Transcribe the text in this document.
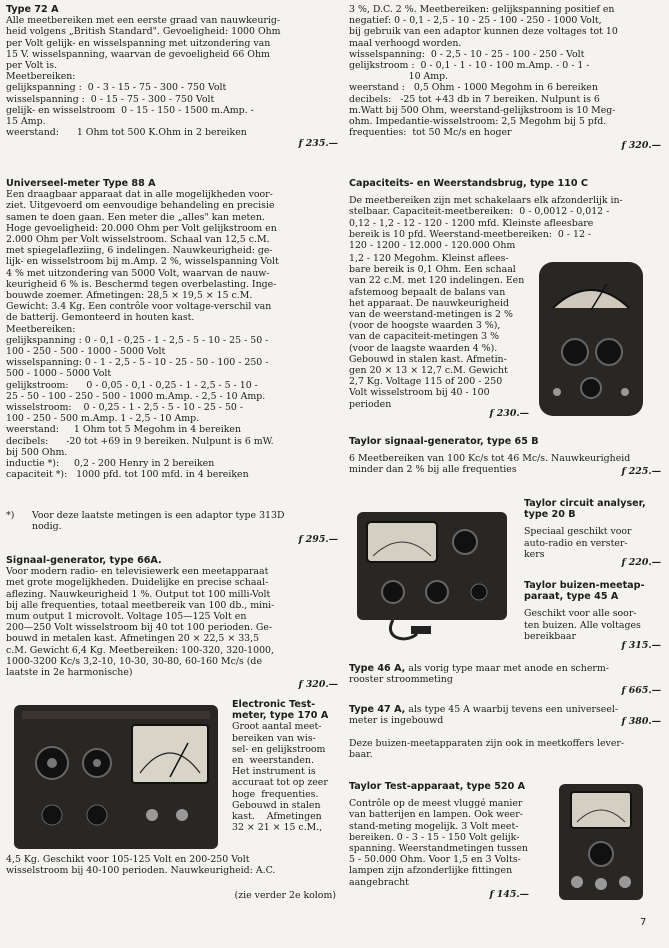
Type 72 A

Alle meetbereiken met een eerste graad van nauwkeurig-
heid volgens „British Standard". Gevoeligheid: 1000 Ohm
per Volt gelijk- en wisselspanning met uitzondering van
15 V. wisselspanning, waarvan de gevoeligheid 66 Ohm
per Volt is.
Meetbereiken:
gelijkspanning :  0 - 3 - 15 - 75 - 300 - 750 Volt
wisselspanning :  0 - 15 - 75 - 300 - 750 Volt
gelijk- en wisselstroom  0 - 15 - 150 - 1500 m.Amp. -
15 Amp.
weerstand:      1 Ohm tot 500 K.Ohm in 2 bereiken

f 235.—
Universeel-meter Type 88 A

Een draagbaar apparaat dat in alle mogelijkheden voor-
ziet. Uitgevoerd om eenvoudige behandeling en precisie
samen te doen gaan. Een meter die „alles" kan meten.
Hoge gevoeligheid: 20.000 Ohm per Volt gelijkstroom en
2.000 Ohm per Volt wisselstroom. Schaal van 12,5 c.M.
met spiegelafleziing, 6 indelingen. Nauwkeurigheid: ge-
lijk- en wisselstroom bij m.Amp. 2 %, wisselspanning Volt
4 % met uitzondering van 5000 Volt, waarvan de nauw-
keurigheid 6 % is. Beschermd tegen overbelasting. Inge-
bouwde zoemer. Afmetingen: 28,5 × 19,5 × 15 c.M.
Gewicht: 3.4 Kg. Een contrôle voor voltage-verschil van
de batterij. Gemonteerd in houten kast.
Meetbereiken:
gelijkspanning : 0 - 0,1 - 0,25 - 1 - 2,5 - 5 - 10 - 25 - 50 -
100 - 250 - 500 - 1000 - 5000 Volt
wisselspanning: 0 - 1 - 2,5 - 5 - 10 - 25 - 50 - 100 - 250 -
500 - 1000 - 5000 Volt
gelijkstroom:      0 - 0,05 - 0,1 - 0,25 - 1 - 2,5 - 5 - 10 -
25 - 50 - 100 - 250 - 500 - 1000 m.Amp. - 2,5 - 10 Amp.
wisselstroom:    0 - 0,25 - 1 - 2,5 - 5 - 10 - 25 - 50 -
100 - 250 - 500 m.Amp. 1 - 2,5 - 10 Amp.
weerstand:     1 Ohm tot 5 Megohm in 4 bereiken
decibels:      -20 tot +69 in 9 bereiken. Nulpunt is 6 mW.
bij 500 Ohm.
inductie *):     0,2 - 200 Henry in 2 bereiken
capaciteit *):   1000 pfd. tot 100 mfd. in 4 bereiken

*)	Voor deze laatste metingen is een adaptor type 313D
nodig.

f 295.—
Signaal-generator, type 66A.

Voor modern radio- en televisiewerk een meetapparaat
met grote mogelijkheden. Duidelijke en precise schaal-
aflezing. Nauwkeurigheid 1 %. Output tot 100 milli-Volt
bij alle frequenties, totaal meetbereik van 100 db., mini-
mum output 1 microvolt. Voltage 105—125 Volt en
200—250 Volt wisselstroom bij 40 tot 100 perioden. Ge-
bouwd in metalen kast. Afmetingen 20 × 22,5 × 33,5
c.M. Gewicht 6,4 Kg. Meetbereiken: 100-320, 320-1000,
1000-3200 Kc/s 3,2-10, 10-30, 30-80, 60-160 Mc/s (de
laatste in 2e harmonische)

f 320.—
Electronic Test-
meter, type 170 A

Groot aantal meet-
bereiken van wis-
sel- en gelijkstroom
en  weerstanden.
Het instrument is
accuraat tot op zeer
hoge  frequenties.
Gebouwd in stalen
kast.    Afmetingen
32 × 21 × 15 c.M.,

4,5 Kg. Geschikt voor 105-125 Volt en 200-250 Volt
wisselstroom bij 40-100 perioden. Nauwkeurigheid: A.C.

(zie verder 2e kolom)

3 %, D.C. 2 %. Meetbereiken: gelijkspanning positief en
negatief: 0 - 0,1 - 2,5 - 10 - 25 - 100 - 250 - 1000 Volt,
bij gebruik van een adaptor kunnen deze voltages tot 10
maal verhoogd worden.
wisselspanning:  0 - 2,5 - 10 - 25 - 100 - 250 - Volt
gelijkstroom :  0 - 0,1 - 1 - 10 - 100 m.Amp. - 0 - 1 -
10 Amp.
weerstand :   0,5 Ohm - 1000 Megohm in 6 bereiken
decibels:   -25 tot +43 db in 7 bereiken. Nulpunt is 6
m.Watt bij 500 Ohm, weerstand-gelijkstroom is 10 Meg-
ohm. Impedantie-wisselstroom: 2,5 Megohm bij 5 pfd.
frequenties:  tot 50 Mc/s en hoger

f 320.—
Capaciteits- en Weerstandsbrug, type 110 C

De meetbereiken zijn met schakelaars elk afzonderlijk in-
stelbaar. Capaciteit-meetbereiken:  0 - 0,0012 - 0,012 -
0,12 - 1,2 - 12 - 120 - 1200 mfd. Kleinste afleesbare
bereik is 10 pfd. Weerstand-meetbereiken:  0 - 12 -
120 - 1200 - 12.000 - 120.000 Ohm

1,2 - 120 Megohm. Kleinst aflees-
bare bereik is 0,1 Ohm. Een schaal
van 22 c.M. met 120 indelingen. Een
afstemoog bepaalt de balans van
het apparaat. De nauwkeurigheid
van de weerstand-metingen is 2 %
(voor de hoogste waarden 3 %),
van de capaciteit-metingen 3 %
(voor de laagste waarden 4 %).
Gebouwd in stalen kast. Afmetin-
gen 20 × 13 × 12,7 c.M. Gewicht
2,7 Kg. Voltage 115 of 200 - 250
Volt wisselstroom bij 40 - 100
perioden

f 230.—
Taylor signaal-generator, type 65 B

6 Meetbereiken van 100 Kc/s tot 46 Mc/s. Nauwkeurigheid
minder dan 2 % bij alle frequenties	f 225.—
Taylor circuit analyser,
type 20 B

Speciaal geschikt voor
auto-radio en verster-
kers

f 220.—
Taylor buizen-meetap-
paraat, type 45 A

Geschikt voor alle soor-
ten buizen. Alle voltages
bereikbaar

f 315.—

Type 46 A, als vorig type maar met anode en scherm-
rooster stroommeting

f 665.—

Type 47 A, als type 45 A waarbij tevens een universeel-
meter is ingebouwd	f 380.—

Deze buizen-meetapparaten zijn ook in meetkoffers lever-
baar.

Taylor Test-apparaat, type 520 A

Contrôle op de meest vluggé manier
van batterijen en lampen. Ook weer-
stand-meting mogelijk. 3 Volt meet-
bereiken. 0 - 3 - 15 - 150 Volt gelijk-
spanning. Weerstandmetingen tussen
5 - 50.000 Ohm. Voor 1,5 en 3 Volts-
lampen zijn afzonderlijke fittingen
aangebracht

f 145.—
7
